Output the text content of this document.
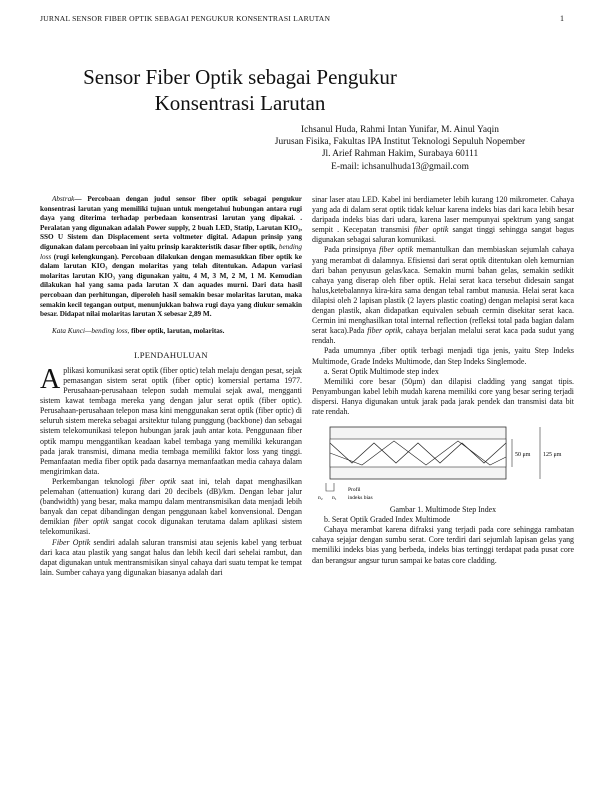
JURNAL SENSOR FIBER OPTIK SEBAGAI PENGUKUR KONSENTRASI LARUTAN	1
Sensor Fiber Optik sebagai Pengukur
Konsentrasi Larutan
Ichsanul Huda, Rahmi Intan Yunifar, M. Ainul Yaqin
Jurusan Fisika, Fakultas IPA Institut Teknologi Sepuluh Nopember
Jl. Arief Rahman Hakim, Surabaya 60111
E-mail: ichsanulhuda13@gmail.com

Abstrak— Percobaan dengan judul sensor fiber optik sebagai pengukur konsentrasi larutan yang memiliki tujuan untuk mengetahui hubungan antara rugi daya yang diterima terhadap perbedaan konsentrasi larutan yang dipakai. . Peralatan yang digunakan adalah Power supply, 2 buah LED, Statip, Larutan KIO₃, SSO U Sistem dan Displacement serta voltmeter digital. Adapun prinsip yang digunakan dalam percobaan ini yaitu prinsip karakteristik dasar fiber optik, bending loss (rugi kelengkungan). Percobaan dilakukan dengan memasukkan fiber optik ke dalam larutan KIO₃ dengan molaritas yang telah ditentukan. Adapun variasi molaritas larutan KIO₃ yang digunakan yaitu, 4 M, 3 M, 2 M, 1 M. Kemudian dilakukan hal yang sama pada larutan X dan aquades murni. Dari data hasil percobaan dan perhitungan, diperoleh hasil semakin besar molaritas larutan, maka semakin kecil tegangan output, menunjukkan bahwa rugi daya yang diukur semakin besar. Didapat nilai molaritas larutan X sebesar 2,89 M.

Kata Kunci—bending loss, fiber optik, larutan, molaritas.

I.PENDAHULUAN

Aplikasi komunikasi serat optik (fiber optic) telah melaju dengan pesat, sejak pemasangan sistem serat optik (fiber optic) komersial pertama 1977. Perusahaan-perusahaan telepon sudah memulai sejak awal, mengganti sistem kawat tembaga mereka yang dengan jalur serat optik (fiber optic). Perusahaan-perusahaan telepon masa kini menggunakan serat optik (fiber optic) di seluruh sistem mereka sebagai arsitektur tulang punggung (backbone) dan sebagai sistem telekomunikasi telepon hubungan jarak jauh antar kota. Penggunaan fiber optik mampu menggantikan keadaan kabel tembaga yang memiliki kekurangan pada jarak transmisi, dimana media tembaga memiliki faktor loss yang tinggi. Pemanfaatan media fiber optik pada dasarnya memanfaatkan media cahaya dalam mengirimkan data.

Perkembangan teknologi fiber optik saat ini, telah dapat menghasilkan pelemahan (attenuation) kurang dari 20 decibels (dB)/km. Dengan lebar jalur (bandwidth) yang besar, maka mampu dalam mentransmisikan data menjadi lebih banyak dan cepat dibandingan dengan penggunaan kabel konvensional. Dengan demikian fiber optik sangat cocok digunakan terutama dalam aplikasi sistem telekomunikasi.

Fiber Optik sendiri adalah saluran transmisi atau sejenis kabel yang terbuat dari kaca atau plastik yang sangat halus dan lebih kecil dari sehelai rambut, dan dapat digunakan untuk mentransmisikan sinyal cahaya dari suatu tempat ke tempat lain. Sumber cahaya yang digunakan biasanya adalah dari

sinar laser atau LED. Kabel ini berdiameter lebih kurang 120 mikrometer. Cahaya yang ada di dalam serat optik tidak keluar karena indeks bias dari kaca lebih besar daripada indeks bias dari udara, karena laser mempunyai spektrum yang sangat sempit . Kecepatan transmisi fiber optik sangat tinggi sehingga sangat bagus digunakan sebagai saluran komunikasi.

Pada prinsipnya fiber optik memantulkan dan membiaskan sejumlah cahaya yang merambat di dalamnya. Efisiensi dari serat optik ditentukan oleh kemurnian dari bahan penyusun gelas/kaca. Semakin murni bahan gelas, semakin sedikit cahaya yang diserap oleh fiber optik. Helai serat kaca tersebut didesain sangat halus,ketebalannya kira-kira sama dengan tebal rambut manusia. Helai serat kaca dilapisi oleh 2 lapisan plastik (2 layers plastic coating) dengan melapisi serat kaca dengan plastik, akan didapatkan equivalen sebuah cermin disekitar serat kaca. Cermin ini menghasilkan total internal reflection (refleksi total pada bagian dalam serat kaca).Pada fiber optik, cahaya berjalan melalui serat kaca pada sudut yang rendah.

Pada umumnya ,fiber optik terbagi menjadi tiga jenis, yaitu Step Indeks Multimode, Grade Indeks Multimode, dan Step Indeks Singlemode.

a. Serat Optik Multimode step index

Memiliki core besar (50μm) dan dilapisi cladding yang sangat tipis. Penyambungan kabel lebih mudah karena memiliki core yang besar sering terjadi dispersi. Hanya digunakan untuk jarak pada jarak pendek dan transmisi data bit rate rendah.

50 μm 125 μm
n₂ n₁
Profil
indeks bias

Gambar 1. Multimode Step Index

b. Serat Optik Graded Index Multimode

Cahaya merambat karena difraksi yang terjadi pada core sehingga rambatan cahaya sejajar dengan sumbu serat. Core terdiri dari sejumlah lapisan gelas yang memiliki indeks bias yang berbeda, indeks bias tertinggi terdapat pada pusat core dan berangsur angsur turun sampai ke batas core cladding.
